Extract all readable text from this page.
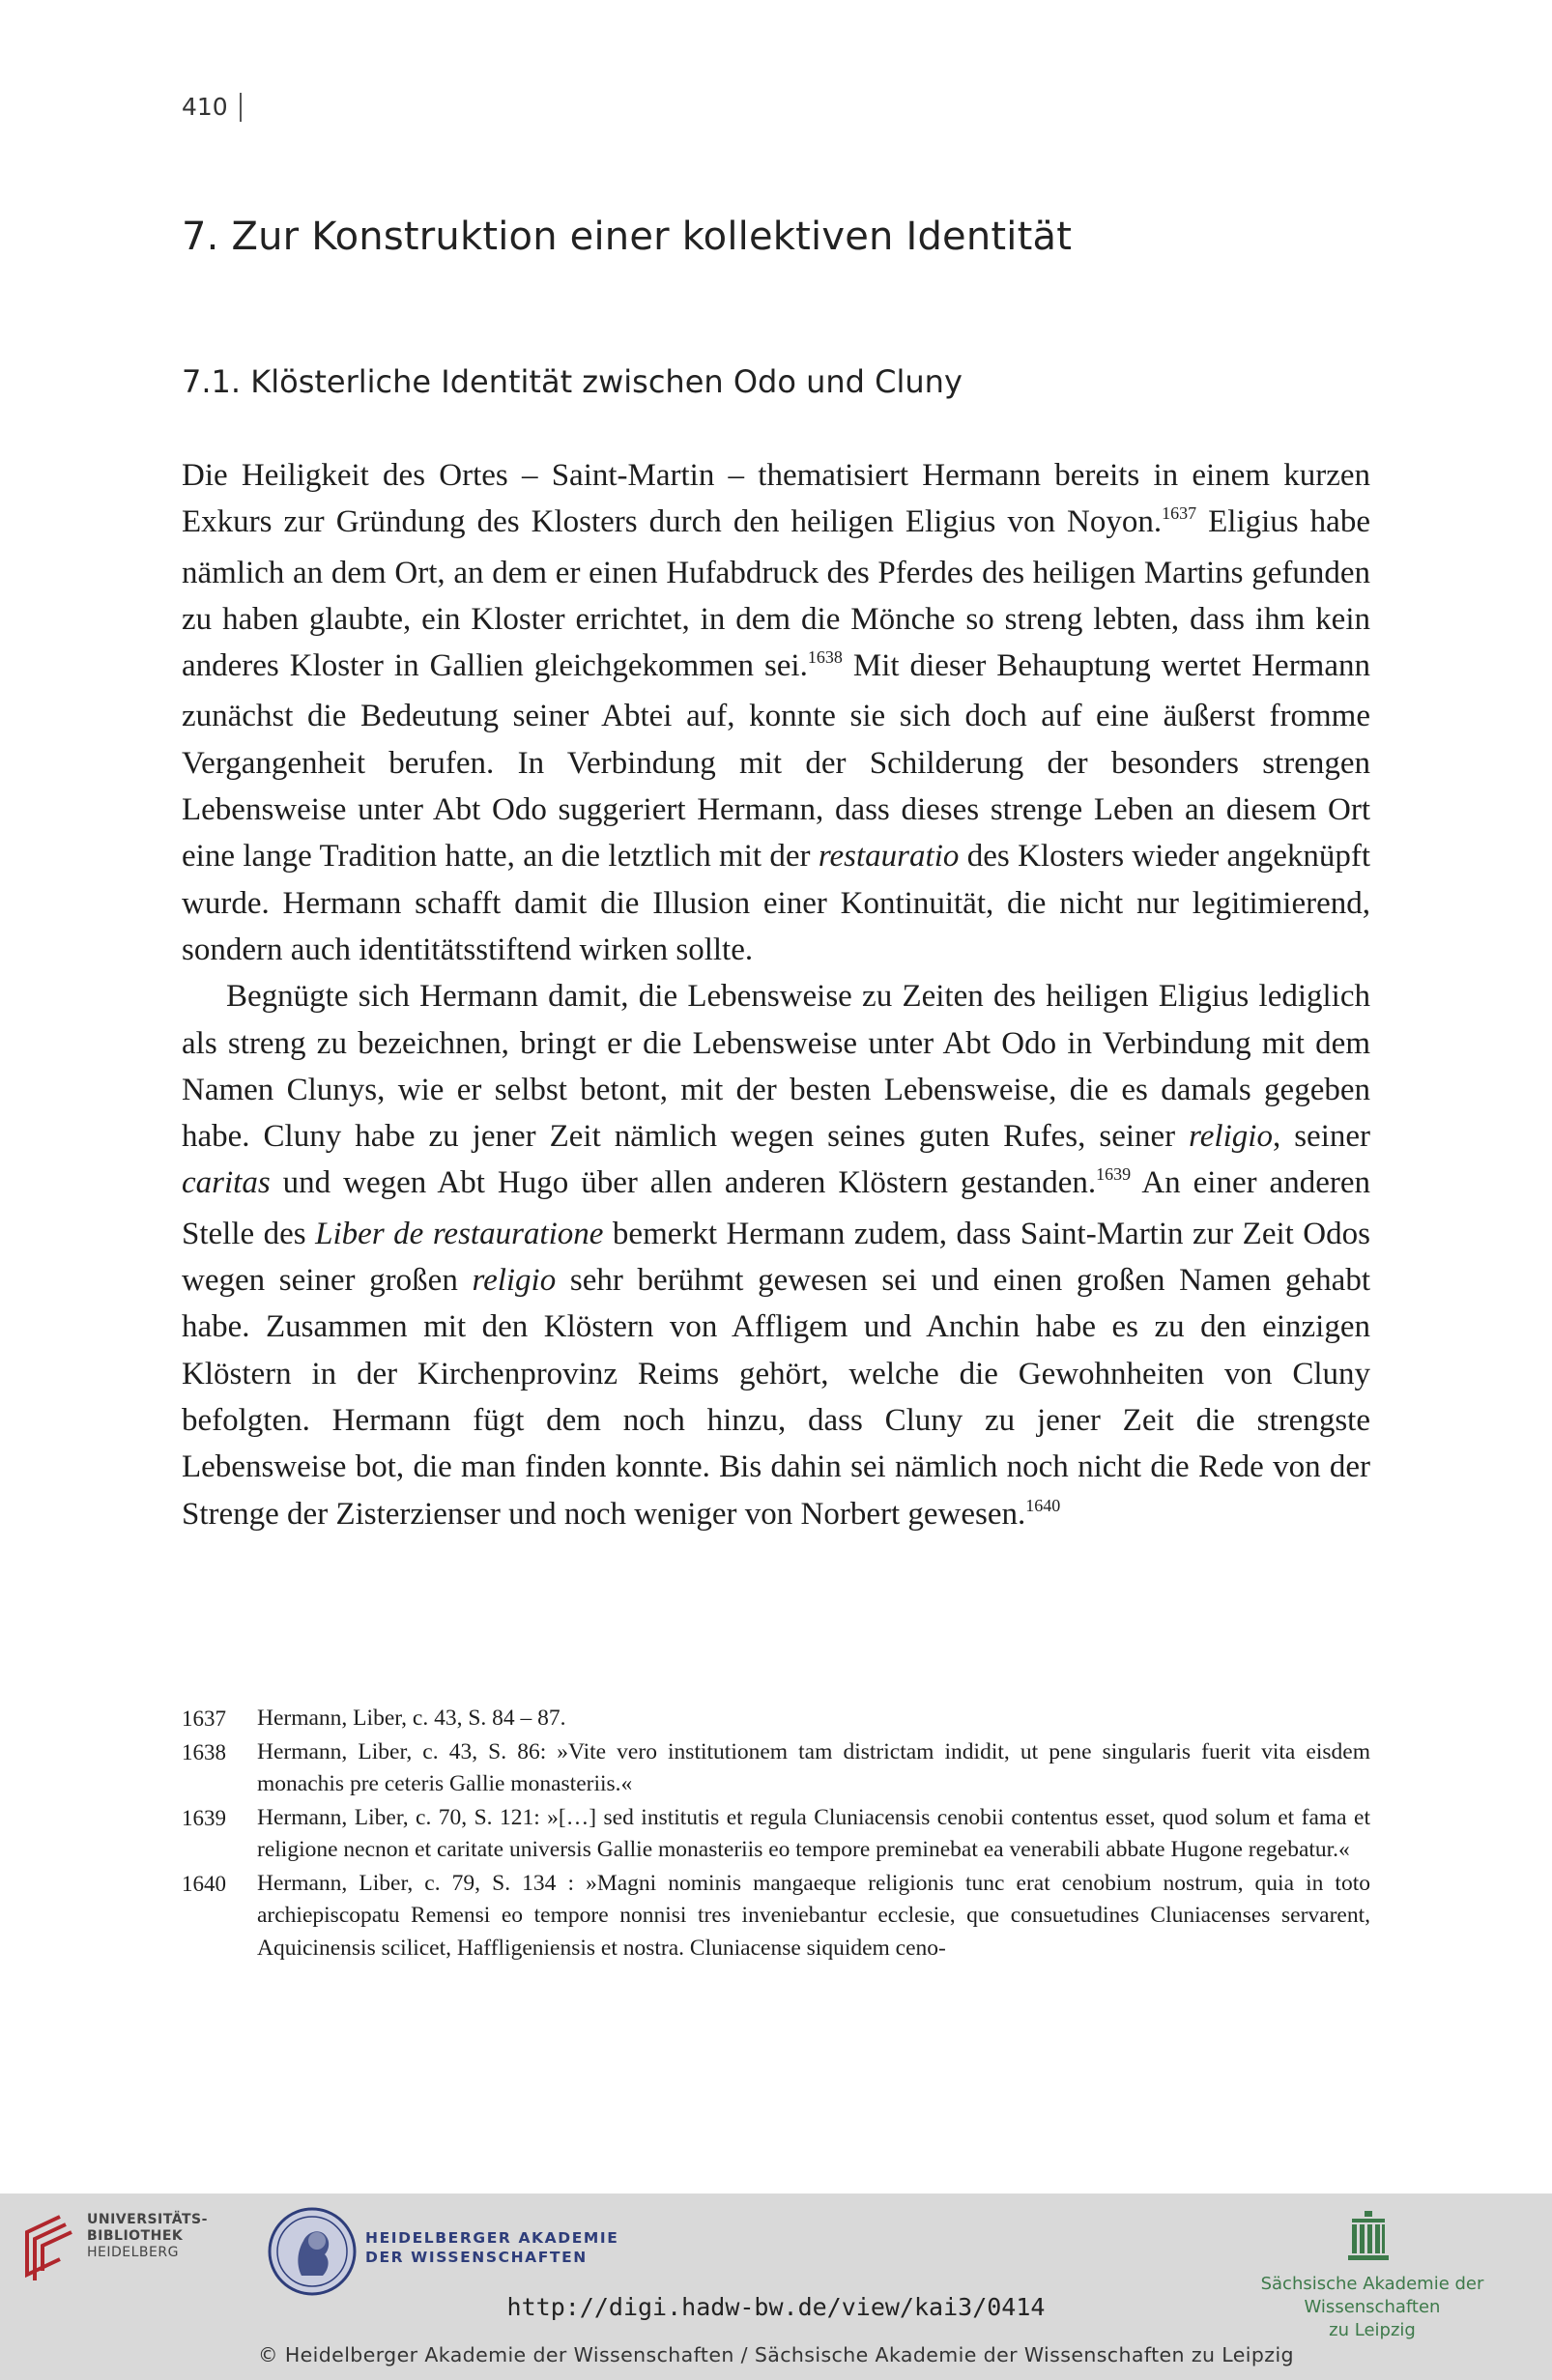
410
7. Zur Konstruktion einer kollektiven Identität
7.1. Klösterliche Identität zwischen Odo und Cluny

Die Heiligkeit des Ortes – Saint-Martin – thematisiert Hermann bereits in einem kurzen Exkurs zur Gründung des Klosters durch den heiligen Eligius von Noyon.$^{1637}$ Eligius habe nämlich an dem Ort, an dem er einen Hufabdruck des Pferdes des heiligen Martins gefunden zu haben glaubte, ein Kloster errichtet, in dem die Mönche so streng lebten, dass ihm kein anderes Kloster in Gallien gleichgekommen sei.$^{1638}$ Mit dieser Behauptung wertet Hermann zunächst die Bedeutung seiner Abtei auf, konnte sie sich doch auf eine äußerst fromme Vergangenheit berufen. In Verbindung mit der Schilderung der besonders strengen Lebensweise unter Abt Odo suggeriert Hermann, dass dieses strenge Leben an diesem Ort eine lange Tradition hatte, an die letztlich mit der restauratio des Klosters wieder angeknüpft wurde. Hermann schafft damit die Illusion einer Kontinuität, die nicht nur legitimierend, sondern auch identitätsstiftend wirken sollte.

Begnügte sich Hermann damit, die Lebensweise zu Zeiten des heiligen Eligius lediglich als streng zu bezeichnen, bringt er die Lebensweise unter Abt Odo in Verbindung mit dem Namen Clunys, wie er selbst betont, mit der besten Lebensweise, die es damals gegeben habe. Cluny habe zu jener Zeit nämlich wegen seines guten Rufes, seiner religio, seiner caritas und wegen Abt Hugo über allen anderen Klöstern gestanden.$^{1639}$ An einer anderen Stelle des Liber de restauratione bemerkt Hermann zudem, dass Saint-Martin zur Zeit Odos wegen seiner großen religio sehr berühmt gewesen sei und einen großen Namen gehabt habe. Zusammen mit den Klöstern von Affligem und Anchin habe es zu den einzigen Klöstern in der Kirchenprovinz Reims gehört, welche die Gewohnheiten von Cluny befolgten. Hermann fügt dem noch hinzu, dass Cluny zu jener Zeit die strengste Lebensweise bot, die man finden konnte. Bis dahin sei nämlich noch nicht die Rede von der Strenge der Zisterzienser und noch weniger von Norbert gewesen.$^{1640}$

1637	Hermann, Liber, c. 43, S. 84 – 87.
1638	Hermann, Liber, c. 43, S. 86: »Vite vero institutionem tam districtam indidit, ut pene singularis fuerit vita eisdem monachis pre ceteris Gallie monasteriis.«
1639	Hermann, Liber, c. 70, S. 121: »[…] sed institutis et regula Cluniacensis cenobii contentus esset, quod solum et fama et religione necnon et caritate universis Gallie monasteriis eo tempore preminebat ea venerabili abbate Hugone regebatur.«
1640	Hermann, Liber, c. 79, S. 134 : »Magni nominis mangaeque religionis tunc erat cenobium nostrum, quia in toto archiepiscopatu Remensi eo tempore nonnisi tres inveniebantur ecclesie, que consuetudines Cluniacenses servarent, Aquicinensis scilicet, Haffligeniensis et nostra. Cluniacense siquidem ceno-
UNIVERSITÄTS-
BIBLIOTHEK
HEIDELBERG
HEIDELBERGER AKADEMIE
DER WISSENSCHAFTEN
Sächsische Akademie der Wissenschaften
zu Leipzig
http://digi.hadw-bw.de/view/kai3/0414
© Heidelberger Akademie der Wissenschaften / Sächsische Akademie der Wissenschaften zu Leipzig
